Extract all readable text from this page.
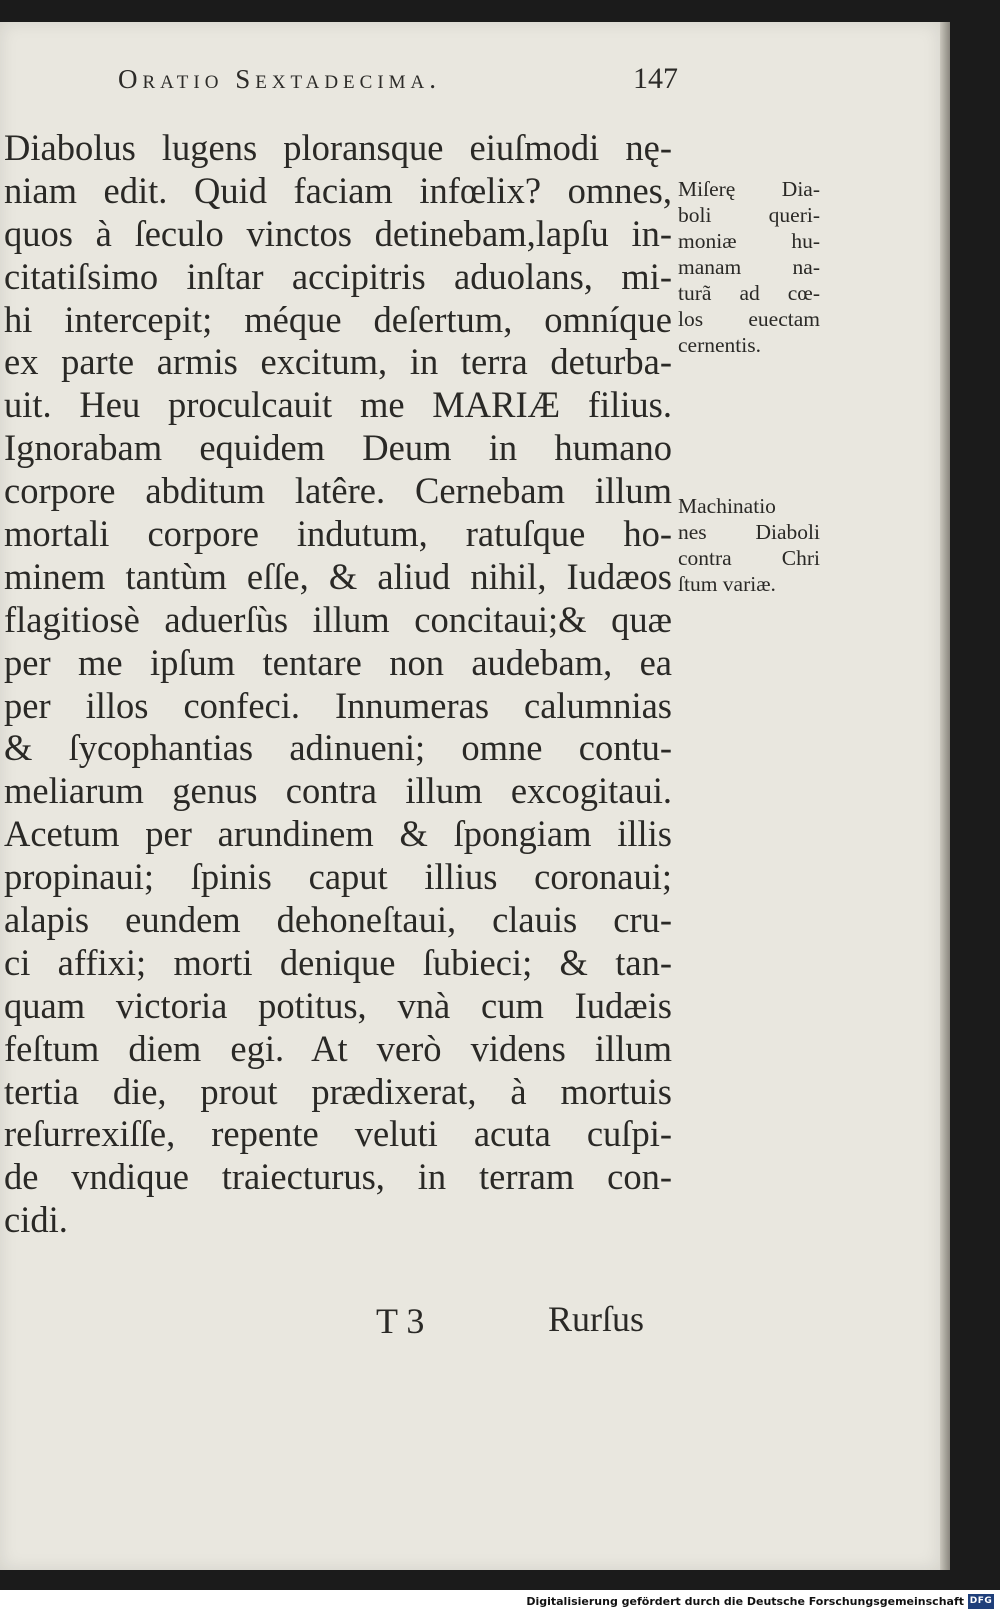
Oratio Sextadecima.	147
Diabolus lugens ploransque eiuſmodi nę-
niam edit. Quid faciam infœlix? omnes,
quos à ſeculo vinctos detinebam,lapſu in-
citatiſsimo inſtar accipitris aduolans, mi-
hi intercepit; méque deſertum, omníque
ex parte armis excitum, in terra deturba-
uit. Heu proculcauit me MARIÆ filius.
Ignorabam equidem Deum in humano
corpore abditum latêre. Cernebam illum
mortali corpore indutum, ratuſque ho-
minem tantùm eſſe, & aliud nihil, Iudæos
flagitiosè aduerſùs illum concitaui;& quæ
per me ipſum tentare non audebam, ea
per illos confeci. Innumeras calumnias
& ſycophantias adinueni; omne contu-
meliarum genus contra illum excogitaui.
Acetum per arundinem & ſpongiam illis
propinaui; ſpinis caput illius coronaui;
alapis eundem dehoneſtaui, clauis cru-
ci affixi; morti denique ſubieci; & tan-
quam victoria potitus, vnà cum Iudæis
feſtum diem egi. At verò videns illum
tertia die, prout prædixerat, à mortuis
reſurrexiſſe, repente veluti acuta cuſpi-
de vndique traiecturus, in terram con-
cidi.
Miſerę Dia-
boli queri-
moniæ hu-
manam na-
turã ad cœ-
los euectam
cernentis.
Machinatio
nes Diaboli
contra Chri
ſtum variæ.
T 3	Rurſus
Digitalisierung gefördert durch die Deutsche Forschungsgemeinschaft DFG
